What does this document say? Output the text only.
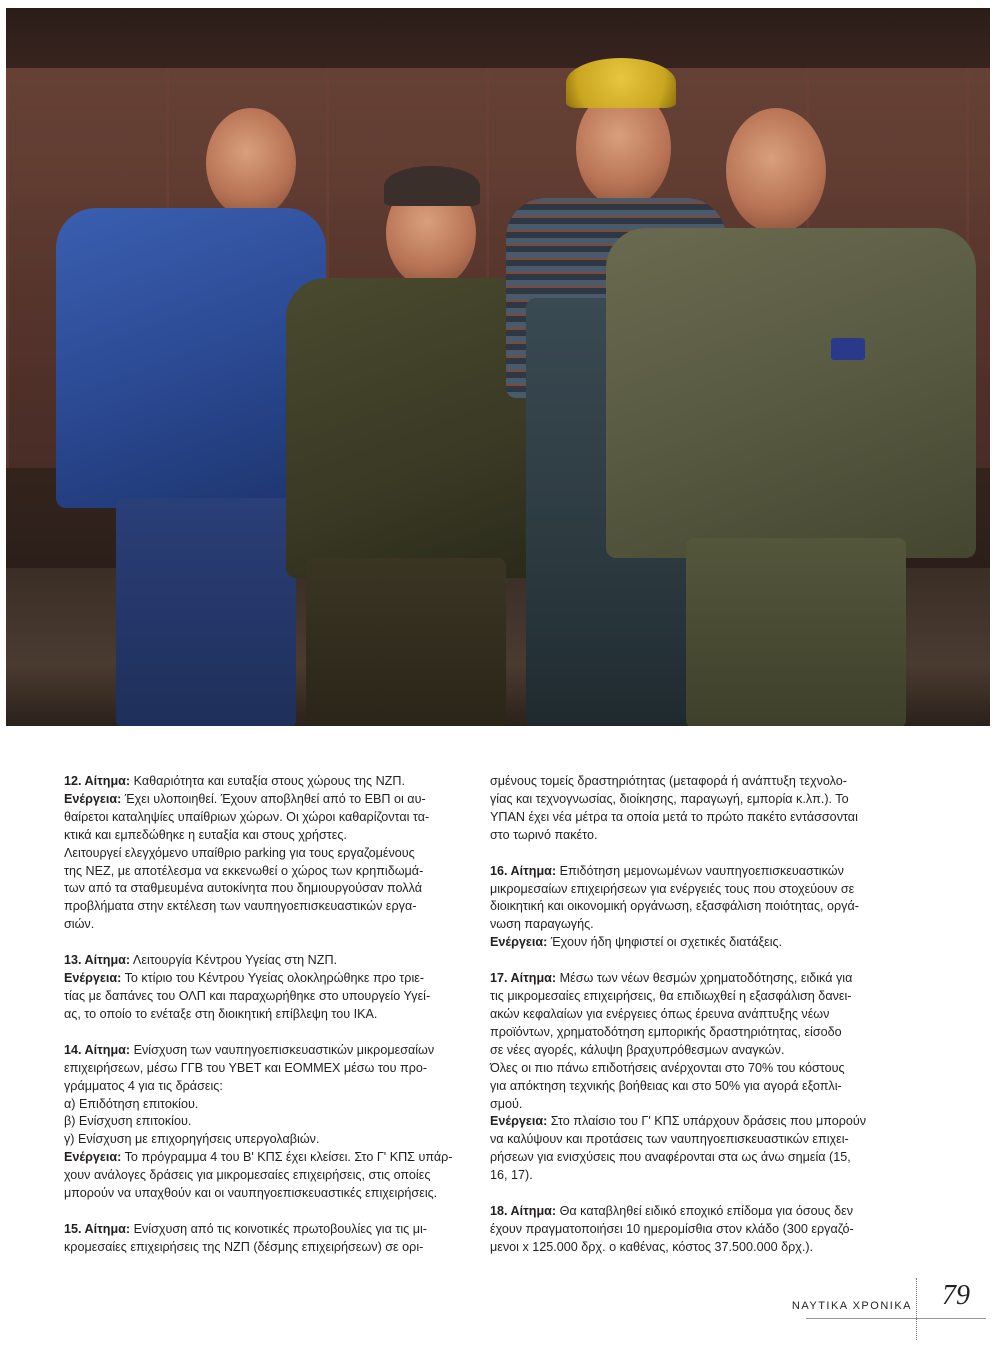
12. Αίτημα: Καθαριότητα και ευταξία στους χώρους της ΝΖΠ.
Ενέργεια: Έχει υλοποιηθεί. Έχουν αποβληθεί από το ΕΒΠ οι αυ-
θαίρετοι καταληψίες υπαίθριων χώρων. Οι χώροι καθαρίζονται τα-
κτικά και εμπεδώθηκε η ευταξία και στους χρήστες.
Λειτουργεί ελεγχόμενο υπαίθριο parking για τους εργαζομένους
της ΝΕΖ, με αποτέλεσμα να εκκενωθεί ο χώρος των κρηπιδωμά-
των από τα σταθμευμένα αυτοκίνητα που δημιουργούσαν πολλά
προβλήματα στην εκτέλεση των ναυπηγοεπισκευαστικών εργα-
σιών.

13. Αίτημα: Λειτουργία Κέντρου Υγείας στη ΝΖΠ.
Ενέργεια: Το κτίριο του Κέντρου Υγείας ολοκληρώθηκε προ τριε-
τίας με δαπάνες του ΟΛΠ και παραχωρήθηκε στο υπουργείο Υγεί-
ας, το οποίο το ενέταξε στη διοικητική επίβλεψη του ΙΚΑ.

14. Αίτημα: Ενίσχυση των ναυπηγοεπισκευαστικών μικρομεσαίων
επιχειρήσεων, μέσω ΓΓΒ του ΥΒΕΤ και ΕΟΜΜΕΧ μέσω του προ-
γράμματος 4 για τις δράσεις:
α) Επιδότηση επιτοκίου.
β) Ενίσχυση επιτοκίου.
γ) Ενίσχυση με επιχορηγήσεις υπεργολαβιών.
Ενέργεια: Το πρόγραμμα 4 του Β' ΚΠΣ έχει κλείσει. Στο Γ' ΚΠΣ υπάρ-
χουν ανάλογες δράσεις για μικρομεσαίες επιχειρήσεις, στις οποίες
μπορούν να υπαχθούν και οι ναυπηγοεπισκευαστικές επιχειρήσεις.

15. Αίτημα: Ενίσχυση από τις κοινοτικές πρωτοβουλίες για τις μι-
κρομεσαίες επιχειρήσεις της ΝΖΠ (δέσμης επιχειρήσεων) σε ορι-

σμένους τομείς δραστηριότητας (μεταφορά ή ανάπτυξη τεχνολο-
γίας και τεχνογνωσίας, διοίκησης, παραγωγή, εμπορία κ.λπ.). Το
ΥΠΑΝ έχει νέα μέτρα τα οποία μετά το πρώτο πακέτο εντάσσονται
στο τωρινό πακέτο.

16. Αίτημα: Επιδότηση μεμονωμένων ναυπηγοεπισκευαστικών
μικρομεσαίων επιχειρήσεων για ενέργειές τους που στοχεύουν σε
διοικητική και οικονομική οργάνωση, εξασφάλιση ποιότητας, οργά-
νωση παραγωγής.
Ενέργεια: Έχουν ήδη ψηφιστεί οι σχετικές διατάξεις.

17. Αίτημα: Μέσω των νέων θεσμών χρηματοδότησης, ειδικά για
τις μικρομεσαίες επιχειρήσεις, θα επιδιωχθεί η εξασφάλιση δανει-
ακών κεφαλαίων για ενέργειες όπως έρευνα ανάπτυξης νέων
προϊόντων, χρηματοδότηση εμπορικής δραστηριότητας, είσοδο
σε νέες αγορές, κάλυψη βραχυπρόθεσμων αναγκών.
Όλες οι πιο πάνω επιδοτήσεις ανέρχονται στο 70% του κόστους
για απόκτηση τεχνικής βοήθειας και στο 50% για αγορά εξοπλι-
σμού.
Ενέργεια: Στο πλαίσιο του Γ' ΚΠΣ υπάρχουν δράσεις που μπορούν
να καλύψουν και προτάσεις των ναυπηγοεπισκευαστικών επιχει-
ρήσεων για ενισχύσεις που αναφέρονται στα ως άνω σημεία (15,
16, 17).

18. Αίτημα: Θα καταβληθεί ειδικό εποχικό επίδομα για όσους δεν
έχουν πραγματοποιήσει 10 ημερομίσθια στον κλάδο (300 εργαζό-
μενοι x 125.000 δρχ. ο καθένας, κόστος 37.500.000 δρχ.).

ΝΑΥΤΙΚΑ ΧΡΟΝΙΚΑ 79
